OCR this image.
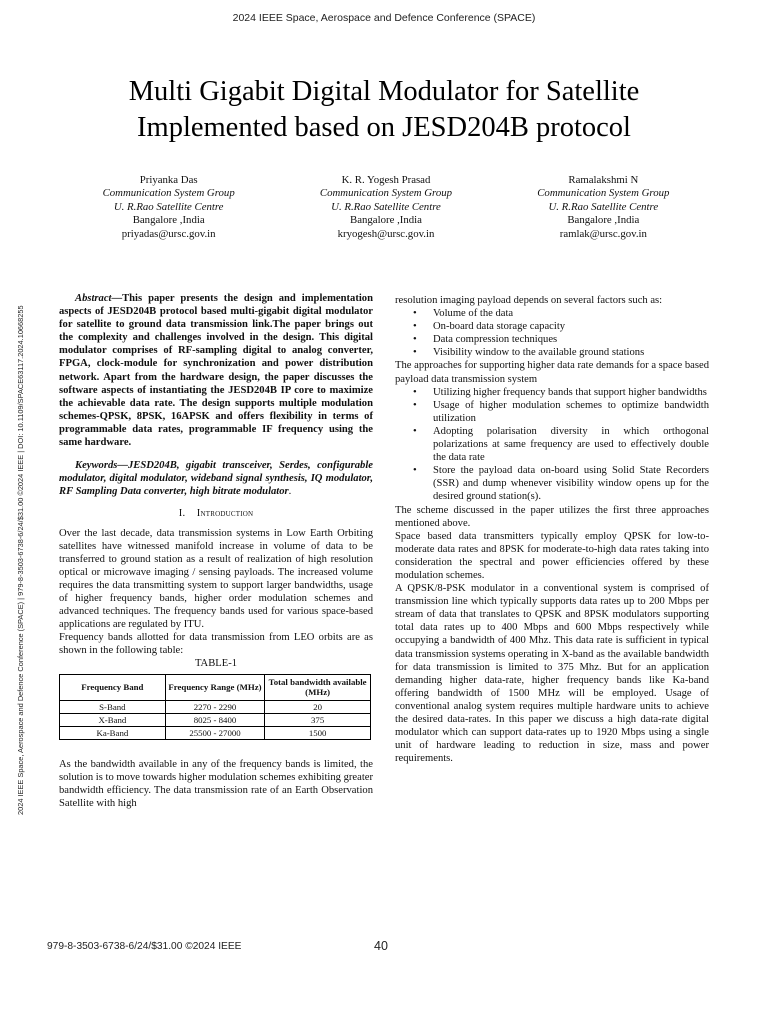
2024 IEEE Space, Aerospace and Defence Conference (SPACE)
2024 IEEE Space, Aerospace and Defence Conference (SPACE) | 979-8-3503-6738-6/24/$31.00 ©2024 IEEE | DOI: 10.1109/SPACE63117.2024.10668255
Multi Gigabit Digital Modulator for Satellite
Implemented based on JESD204B protocol
Priyanka Das
Communication System Group
U. R.Rao Satellite Centre
Bangalore ,India
priyadas@ursc.gov.in
K. R. Yogesh Prasad
Communication System Group
U. R.Rao Satellite Centre
Bangalore ,India
kryogesh@ursc.gov.in
Ramalakshmi N
Communication System Group
U. R.Rao Satellite Centre
Bangalore ,India
ramlak@ursc.gov.in

Abstract—This paper presents the design and implementation aspects of JESD204B protocol based multi-gigabit digital modulator for satellite to ground data transmission link.The paper brings out the complexity and challenges involved in the design. This digital modulator comprises of RF-sampling digital to analog converter, FPGA, clock-module for synchronization and power distribution network. Apart from the hardware design, the paper discusses the software aspects of instantiating the JESD204B IP core to maximize the achievable data rate. The design supports multiple modulation schemes-QPSK, 8PSK, 16APSK and offers flexibility in terms of programmable data rates, programmable IF frequency using the same hardware.

Keywords—JESD204B, gigabit transceiver, Serdes, configurable modulator, digital modulator, wideband signal synthesis, IQ modulator, RF Sampling Data converter, high bitrate modulator.

I. Introduction

Over the last decade, data transmission systems in Low Earth Orbiting satellites have witnessed manifold increase in volume of data to be transferred to ground station as a result of realization of high resolution optical or microwave imaging / sensing payloads. The increased volume requires the data transmitting system to support larger bandwidths, usage of higher frequency bands, higher order modulation schemes and advanced techniques. The frequency bands used for various space-based applications are regulated by ITU.

Frequency bands allotted for data transmission from LEO orbits are as shown in the following table:

TABLE-1

Frequency Band	Frequency Range (MHz)	Total bandwidth available (MHz)
S-Band	2270 - 2290	20
X-Band	8025 - 8400	375
Ka-Band	25500 - 27000	1500

As the bandwidth available in any of the frequency bands is limited, the solution is to move towards higher modulation schemes exhibiting greater bandwidth efficiency. The data transmission rate of an Earth Observation Satellite with high

resolution imaging payload depends on several factors such as:

• Volume of the data
• On-board data storage capacity
• Data compression techniques
• Visibility window to the available ground stations

The approaches for supporting higher data rate demands for a space based payload data transmission system

• Utilizing higher frequency bands that support higher bandwidths
• Usage of higher modulation schemes to optimize bandwidth utilization
• Adopting polarisation diversity in which orthogonal polarizations at same frequency are used to effectively double the data rate
• Store the payload data on-board using Solid State Recorders (SSR) and dump whenever visibility window opens up for the desired ground station(s).

The scheme discussed in the paper utilizes the first three approaches mentioned above.

Space based data transmitters typically employ QPSK for low-to-moderate data rates and 8PSK for moderate-to-high data rates taking into consideration the spectral and power efficiencies offered by these modulation schemes.

A QPSK/8-PSK modulator in a conventional system is comprised of transmission line which typically supports data rates up to 200 Mbps per stream of data that translates to QPSK and 8PSK modulators supporting total data rates up to 400 Mbps and 600 Mbps respectively while occupying a bandwidth of 400 Mhz. This data rate is sufficient in typical data transmission systems operating in X-band as the available bandwidth for data transmission is limited to 375 Mhz. But for an application demanding higher data-rate, higher frequency bands like Ka-band offering bandwidth of 1500 MHz will be employed. Usage of conventional analog system requires multiple hardware units to achieve the desired data-rates. In this paper we discuss a high data-rate digital modulator which can support data-rates up to 1920 Mbps using a single unit of hardware leading to reduction in size, mass and power requirements.

979-8-3503-6738-6/24/$31.00 ©2024 IEEE	40
